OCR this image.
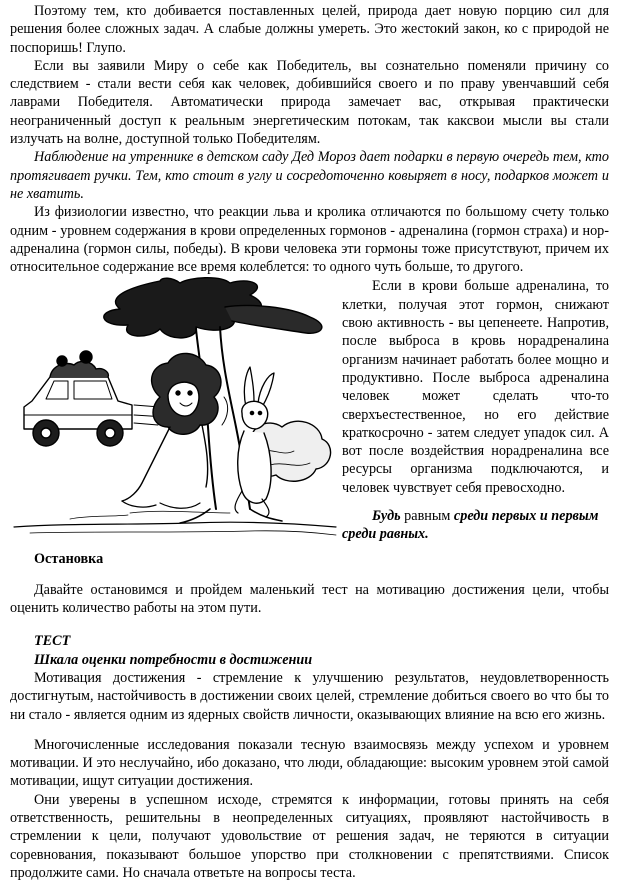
Поэтому тем, кто добивается поставленных целей, природа дает новую порцию сил для решения более сложных задач. А слабые должны умереть. Это жестокий закон, ко с природой не поспоришь! Глупо.

Если вы заявили Миру о себе как Победитель, вы сознательно поменяли причину со следствием - стали вести себя как человек, добившийся своего и по праву увенчавший себя лаврами Победителя. Автоматически природа замечает вас, открывая практически неограниченный доступ к реальным энергетическим потокам, так каксвои мысли вы стали излучать на волне, доступной только Победителям.

Наблюдение на утреннике в детском саду Дед Мороз дает подарки в первую очередь тем, кто протягивает ручки. Тем, кто стоит в углу и сосредоточенно ковыряет в носу, подарков может и не хватить.

Из физиологии известно, что реакции льва и кролика отличаются по большому счету только одним - уровнем содержания в крови определенных гормонов - адреналина (гормон страха) и нор-адреналина (гормон силы, победы). В крови человека эти гормоны тоже присутствуют, причем их относительное содержание все время колеблется: то одного чуть больше, то другого.

Если в крови больше адреналина, то клетки, получая этот гормон, снижают свою активность - вы цепенеете. Напротив, после выброса в кровь норадреналина организм начинает работать более мощно и продуктивно. После выброса адреналина человек может сделать что-то сверхъестественное, но его действие краткосрочно - затем следует упадок сил. А вот после воздействия норадреналина все ресурсы организма подключаются, и человек чувствует себя превосходно.

Будь равным среди первых и первым среди равных.

Остановка

Давайте остановимся и пройдем маленький тест на мотивацию достижения цели, чтобы оценить количество работы на этом пути.

ТЕСТ

Шкала оценки потребности в достижении

Мотивация достижения - стремление к улучшению результатов, неудовлетворенность достигнутым, настойчивость в достижении своих целей, стремление добиться своего во что бы то ни стало - является одним из ядерных свойств личности, оказывающих влияние на всю его жизнь.

Многочисленные исследования показали тесную взаимосвязь между успехом и уровнем мотивации. И это неслучайно, ибо доказано, что люди, обладающие: высоким уровнем этой самой мотивации, ищут ситуации достижения.

Они уверены в успешном исходе, стремятся к информации, готовы принять на себя ответственность, решительны в неопределенных ситуациях, проявляют настойчивость в стремлении к цели, получают удовольствие от решения задач, не теряются в ситуации соревнования, показывают большое упорство при столкновении с препятствиями. Список продолжите сами. Но сначала ответьте на вопросы теста.
